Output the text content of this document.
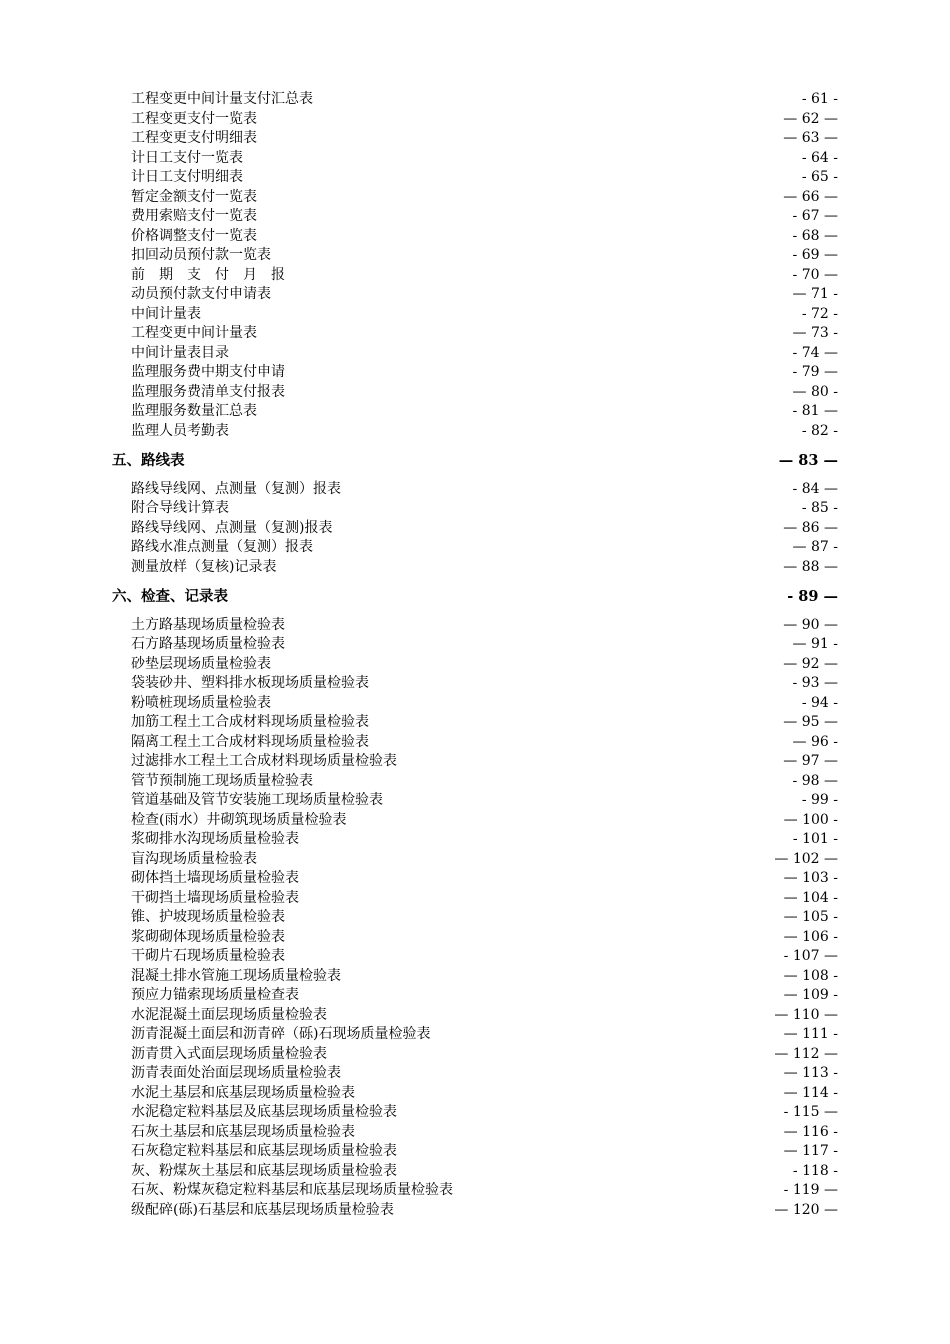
工程变更中间计量支付汇总表	- 61 -
工程变更支付一览表	— 62 —
工程变更支付明细表	— 63 —
计日工支付一览表	- 64 -
计日工支付明细表	- 65 -
暂定金额支付一览表	— 66 —
费用索赔支付一览表	- 67 —
价格调整支付一览表	- 68 —
扣回动员预付款一览表	- 69 —
前　期　支　付　月　报	- 70 —
动员预付款支付申请表	— 71 -
中间计量表	- 72 -
工程变更中间计量表	— 73 -
中间计量表目录	- 74 —
监理服务费中期支付申请	- 79 —
监理服务费清单支付报表	— 80 -
监理服务数量汇总表	- 81 —
监理人员考勤表	- 82 -
五、路线表	— 83 —
路线导线网、点测量（复测）报表	- 84 —
附合导线计算表	- 85 -
路线导线网、点测量（复测)报表	— 86 —
路线水准点测量（复测）报表	— 87 -
测量放样（复核)记录表	— 88 —
六、检查、记录表	- 89 —
土方路基现场质量检验表	— 90 —
石方路基现场质量检验表	— 91 -
砂垫层现场质量检验表	— 92 —
袋装砂井、塑料排水板现场质量检验表	- 93 —
粉喷桩现场质量检验表	- 94 -
加筋工程土工合成材料现场质量检验表	— 95 —
隔离工程土工合成材料现场质量检验表	— 96 -
过滤排水工程土工合成材料现场质量检验表	— 97 —
管节预制施工现场质量检验表	- 98 —
管道基础及管节安装施工现场质量检验表	- 99 -
检查(雨水）井砌筑现场质量检验表	— 100 -
浆砌排水沟现场质量检验表	- 101 -
盲沟现场质量检验表	— 102 —
砌体挡土墙现场质量检验表	— 103 -
干砌挡土墙现场质量检验表	— 104 -
锥、护坡现场质量检验表	— 105 -
浆砌砌体现场质量检验表	— 106 -
干砌片石现场质量检验表	- 107 —
混凝土排水管施工现场质量检验表	— 108 -
预应力锚索现场质量检查表	— 109 -
水泥混凝土面层现场质量检验表	— 110 —
沥青混凝土面层和沥青碎（砾)石现场质量检验表	— 111 -
沥青贯入式面层现场质量检验表	— 112 —
沥青表面处治面层现场质量检验表	— 113 -
水泥土基层和底基层现场质量检验表	— 114 -
水泥稳定粒料基层及底基层现场质量检验表	- 115 —
石灰土基层和底基层现场质量检验表	— 116 -
石灰稳定粒料基层和底基层现场质量检验表	— 117 -
灰、粉煤灰土基层和底基层现场质量检验表	- 118 -
石灰、粉煤灰稳定粒料基层和底基层现场质量检验表	- 119 —
级配碎(砾)石基层和底基层现场质量检验表	— 120 —
